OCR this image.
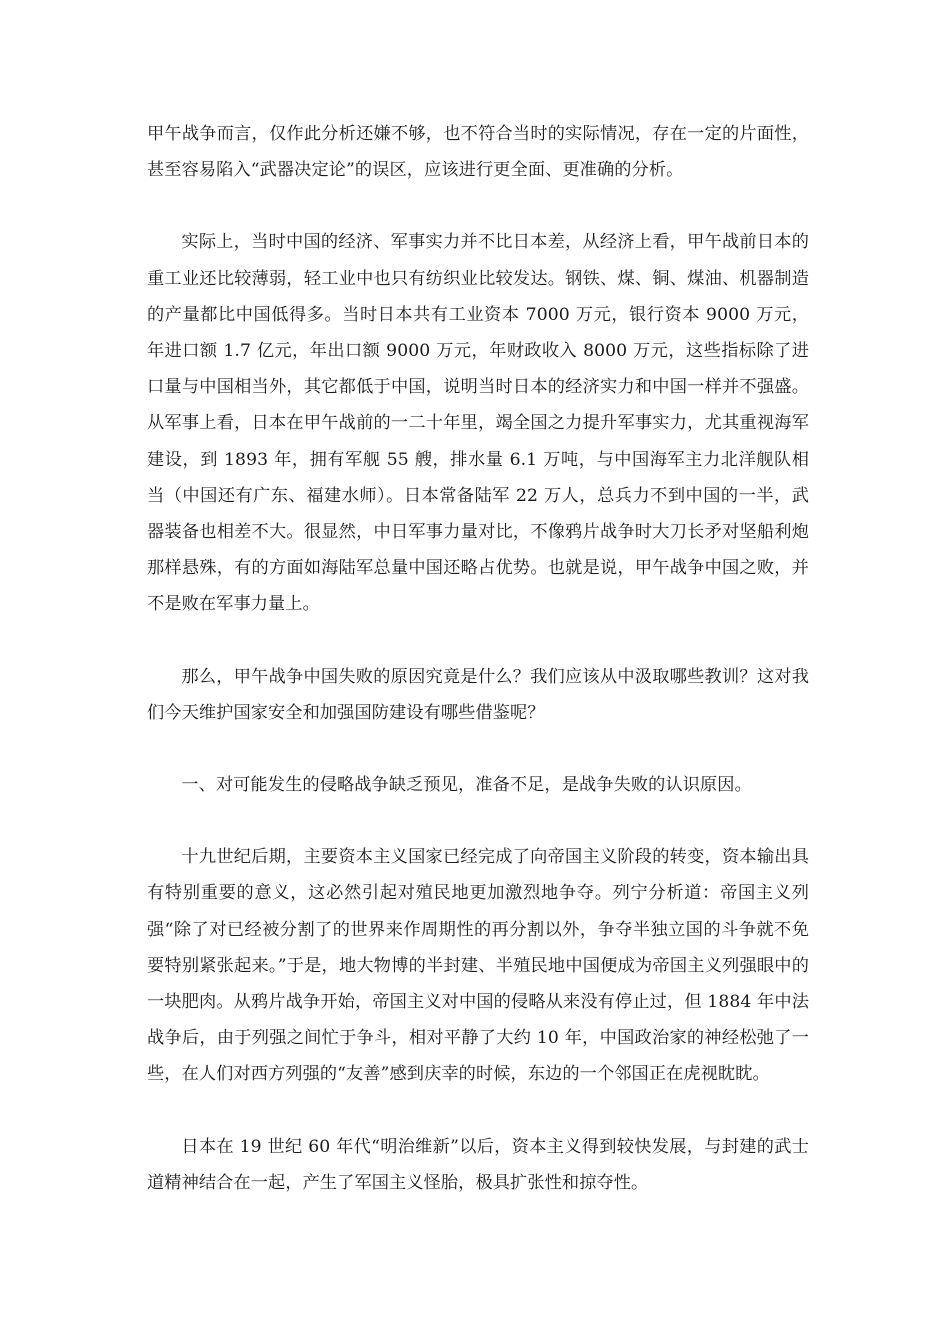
甲午战争而言，仅作此分析还嫌不够，也不符合当时的实际情况，存在一定的片面性，甚至容易陷入“武器决定论”的误区，应该进行更全面、更准确的分析。

实际上，当时中国的经济、军事实力并不比日本差，从经济上看，甲午战前日本的重工业还比较薄弱，轻工业中也只有纺织业比较发达。钢铁、煤、铜、煤油、机器制造的产量都比中国低得多。当时日本共有工业资本 7000 万元，银行资本 9000 万元，年进口额 1.7 亿元，年出口额 9000 万元，年财政收入 8000 万元，这些指标除了进口量与中国相当外，其它都低于中国，说明当时日本的经济实力和中国一样并不强盛。从军事上看，日本在甲午战前的一二十年里，竭全国之力提升军事实力，尤其重视海军建设，到 1893 年，拥有军舰 55 艘，排水量 6.1 万吨，与中国海军主力北洋舰队相当（中国还有广东、福建水师）。日本常备陆军 22 万人，总兵力不到中国的一半，武器装备也相差不大。很显然，中日军事力量对比，不像鸦片战争时大刀长矛对坚船利炮那样悬殊，有的方面如海陆军总量中国还略占优势。也就是说，甲午战争中国之败，并不是败在军事力量上。

那么，甲午战争中国失败的原因究竟是什么？我们应该从中汲取哪些教训？这对我们今天维护国家安全和加强国防建设有哪些借鉴呢？

一、对可能发生的侵略战争缺乏预见，准备不足，是战争失败的认识原因。

十九世纪后期，主要资本主义国家已经完成了向帝国主义阶段的转变，资本输出具有特别重要的意义，这必然引起对殖民地更加激烈地争夺。列宁分析道：帝国主义列强“除了对已经被分割了的世界来作周期性的再分割以外，争夺半独立国的斗争就不免要特别紧张起来。”于是，地大物博的半封建、半殖民地中国便成为帝国主义列强眼中的一块肥肉。从鸦片战争开始，帝国主义对中国的侵略从来没有停止过，但 1884 年中法战争后，由于列强之间忙于争斗，相对平静了大约 10 年，中国政治家的神经松弛了一些，在人们对西方列强的“友善”感到庆幸的时候，东边的一个邻国正在虎视眈眈。

日本在 19 世纪 60 年代“明治维新”以后，资本主义得到较快发展，与封建的武士道精神结合在一起，产生了军国主义怪胎，极具扩张性和掠夺性。
